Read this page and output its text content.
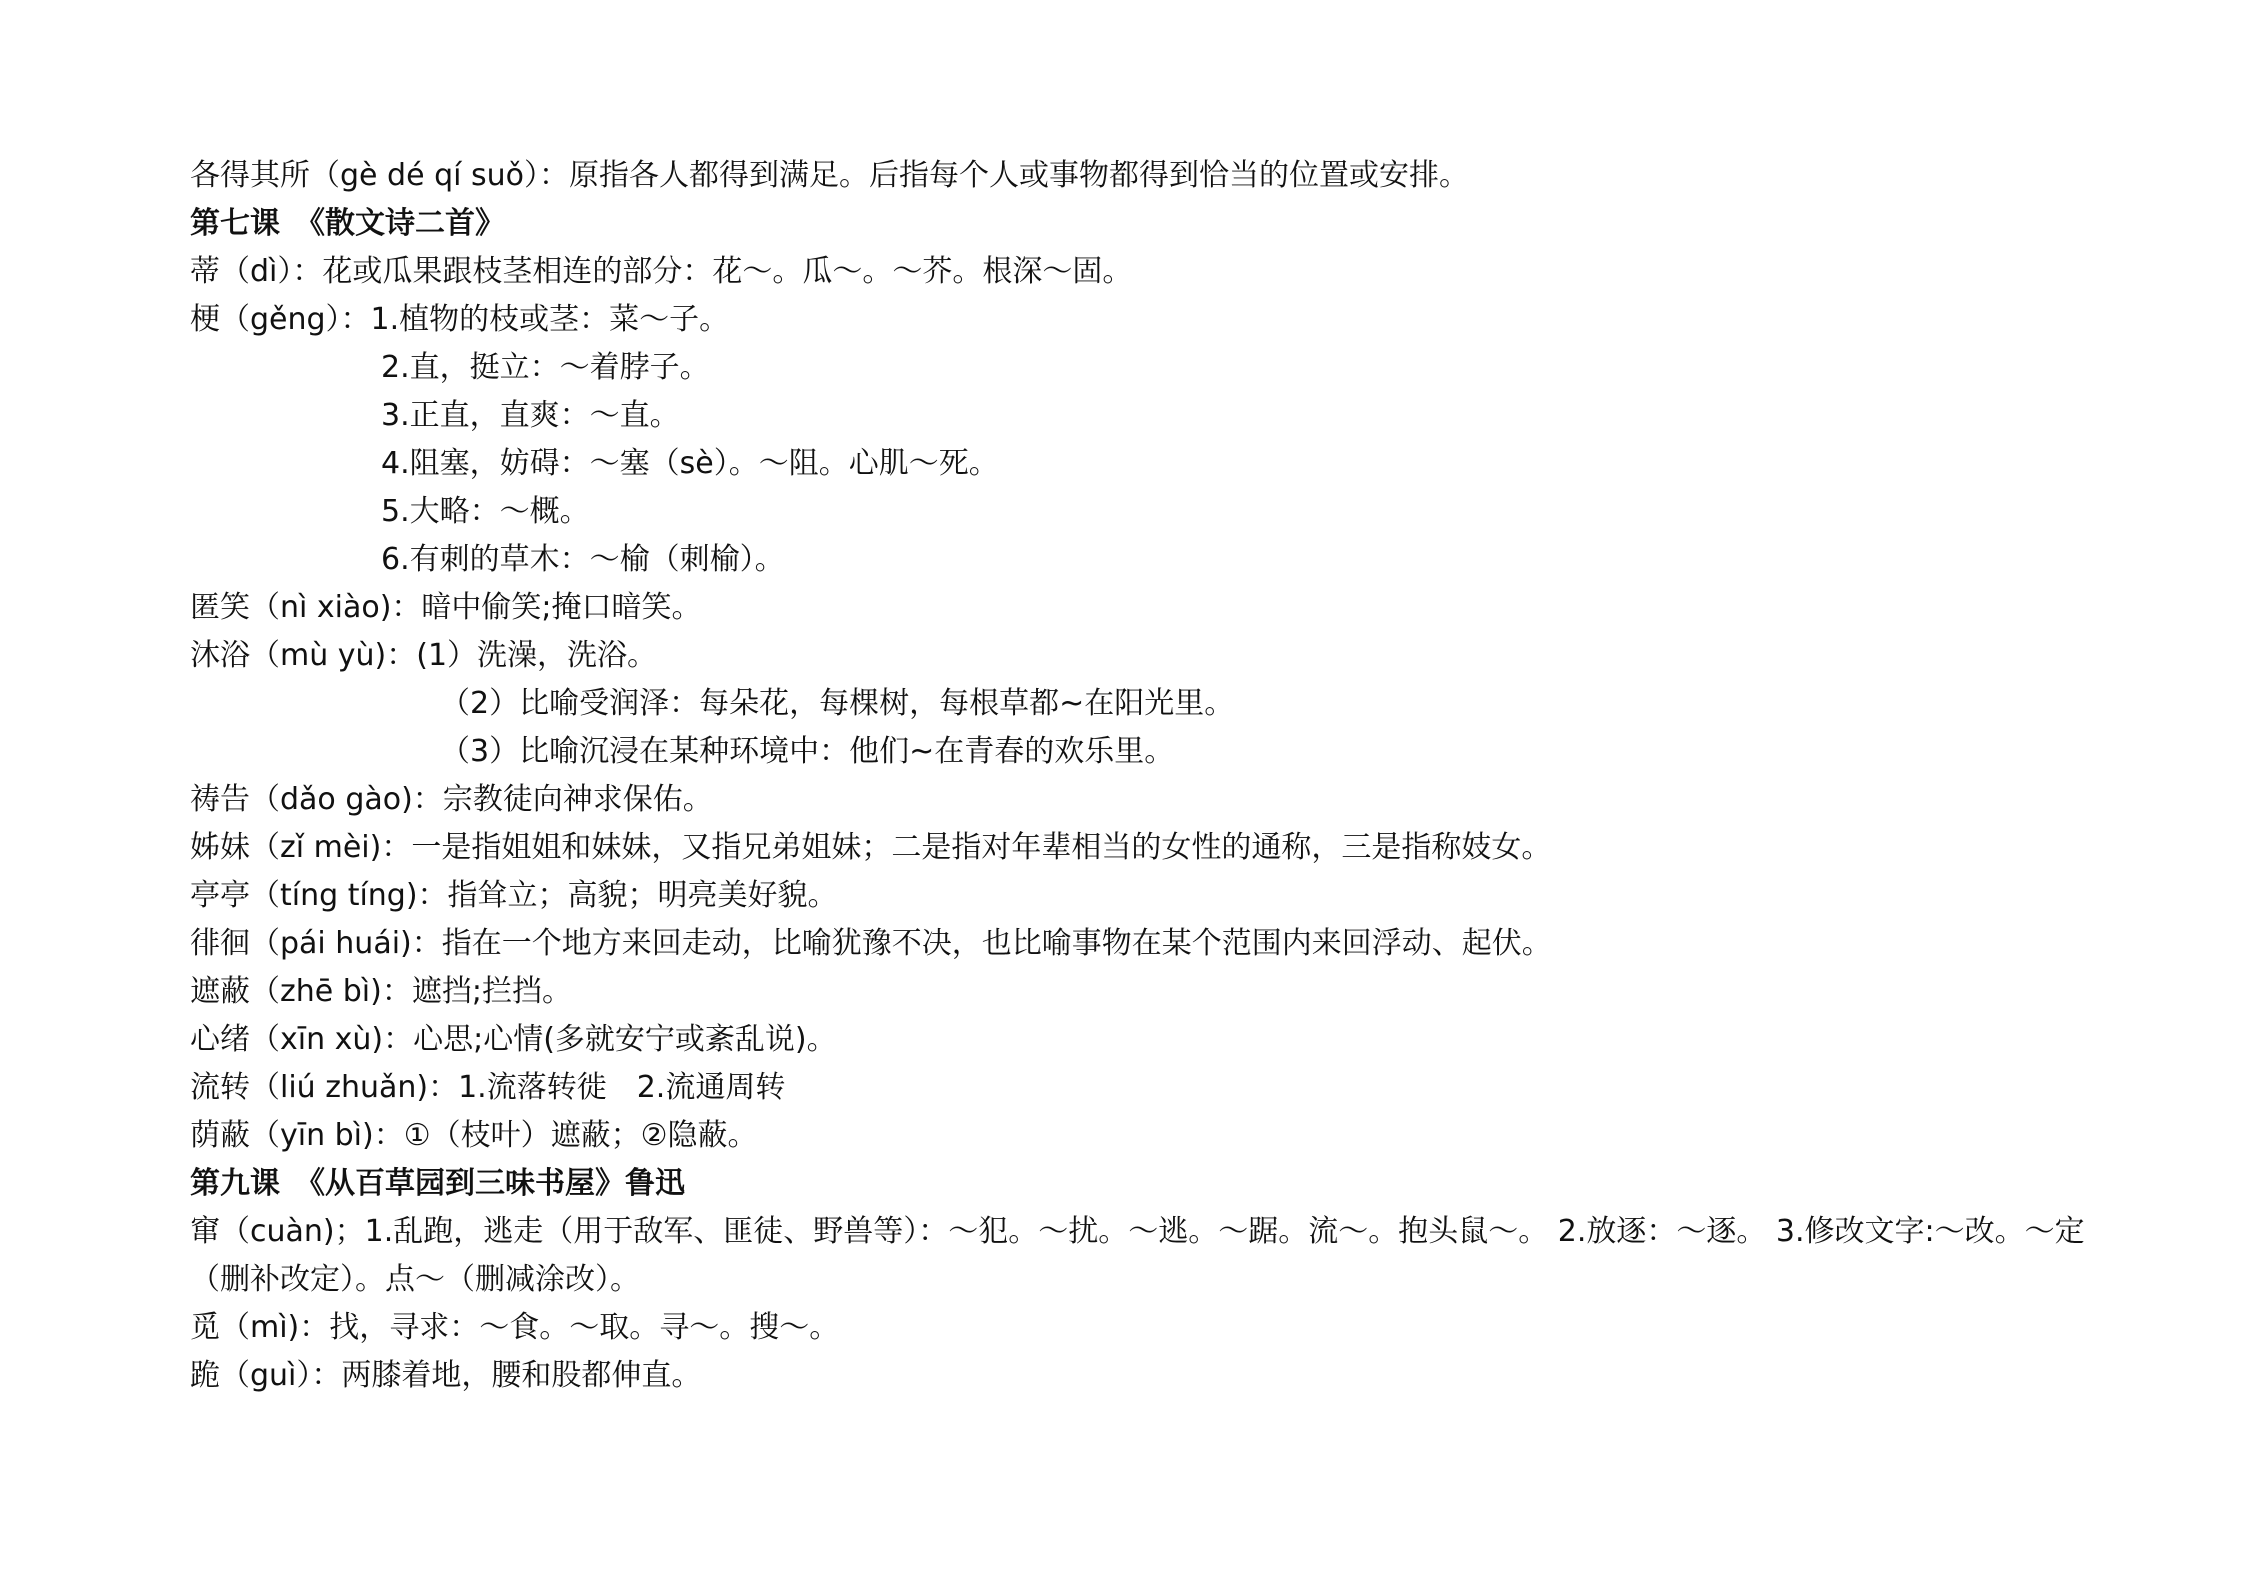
各得其所（gè dé qí suǒ）：原指各人都得到满足。后指每个人或事物都得到恰当的位置或安排。
第七课　《散文诗二首》
蒂（dì）：花或瓜果跟枝茎相连的部分：花～。瓜～。～芥。根深～固。
梗（gěng）：1.植物的枝或茎：菜～子。
2.直，挺立：～着脖子。
3.正直，直爽：～直。
4.阻塞，妨碍：～塞（sè）。～阻。心肌～死。
5.大略：～概。
6.有刺的草木：～榆（刺榆）。
匿笑（nì xiào)：暗中偷笑;掩口暗笑。
沐浴（mù yù)：(1）洗澡，洗浴。
（2）比喻受润泽：每朵花，每棵树，每根草都~在阳光里。
（3）比喻沉浸在某种环境中：他们~在青春的欢乐里。
祷告（dǎo gào)：宗教徒向神求保佑。
姊妹（zǐ mèi)：一是指姐姐和妹妹，又指兄弟姐妹；二是指对年辈相当的女性的通称，三是指称妓女。
亭亭（tíng tíng)：指耸立；高貌；明亮美好貌。
徘徊（pái huái)：指在一个地方来回走动，比喻犹豫不决，也比喻事物在某个范围内来回浮动、起伏。
遮蔽（zhē bì)：遮挡;拦挡。
心绪（xīn xù)：心思;心情(多就安宁或紊乱说)。
流转（liú zhuǎn)：1.流落转徙　2.流通周转
荫蔽（yīn bì)：①（枝叶）遮蔽；②隐蔽。
第九课　《从百草园到三味书屋》鲁迅
窜（cuàn)；1.乱跑，逃走（用于敌军、匪徒、野兽等）：～犯。～扰。～逃。～踞。流～。抱头鼠～。 2.放逐：～逐。 3.修改文字:～改。～定（删补改定）。点～（删减涂改）。
觅（mì)：找，寻求：～食。～取。寻～。搜～。
跪（guì）：两膝着地，腰和股都伸直。
